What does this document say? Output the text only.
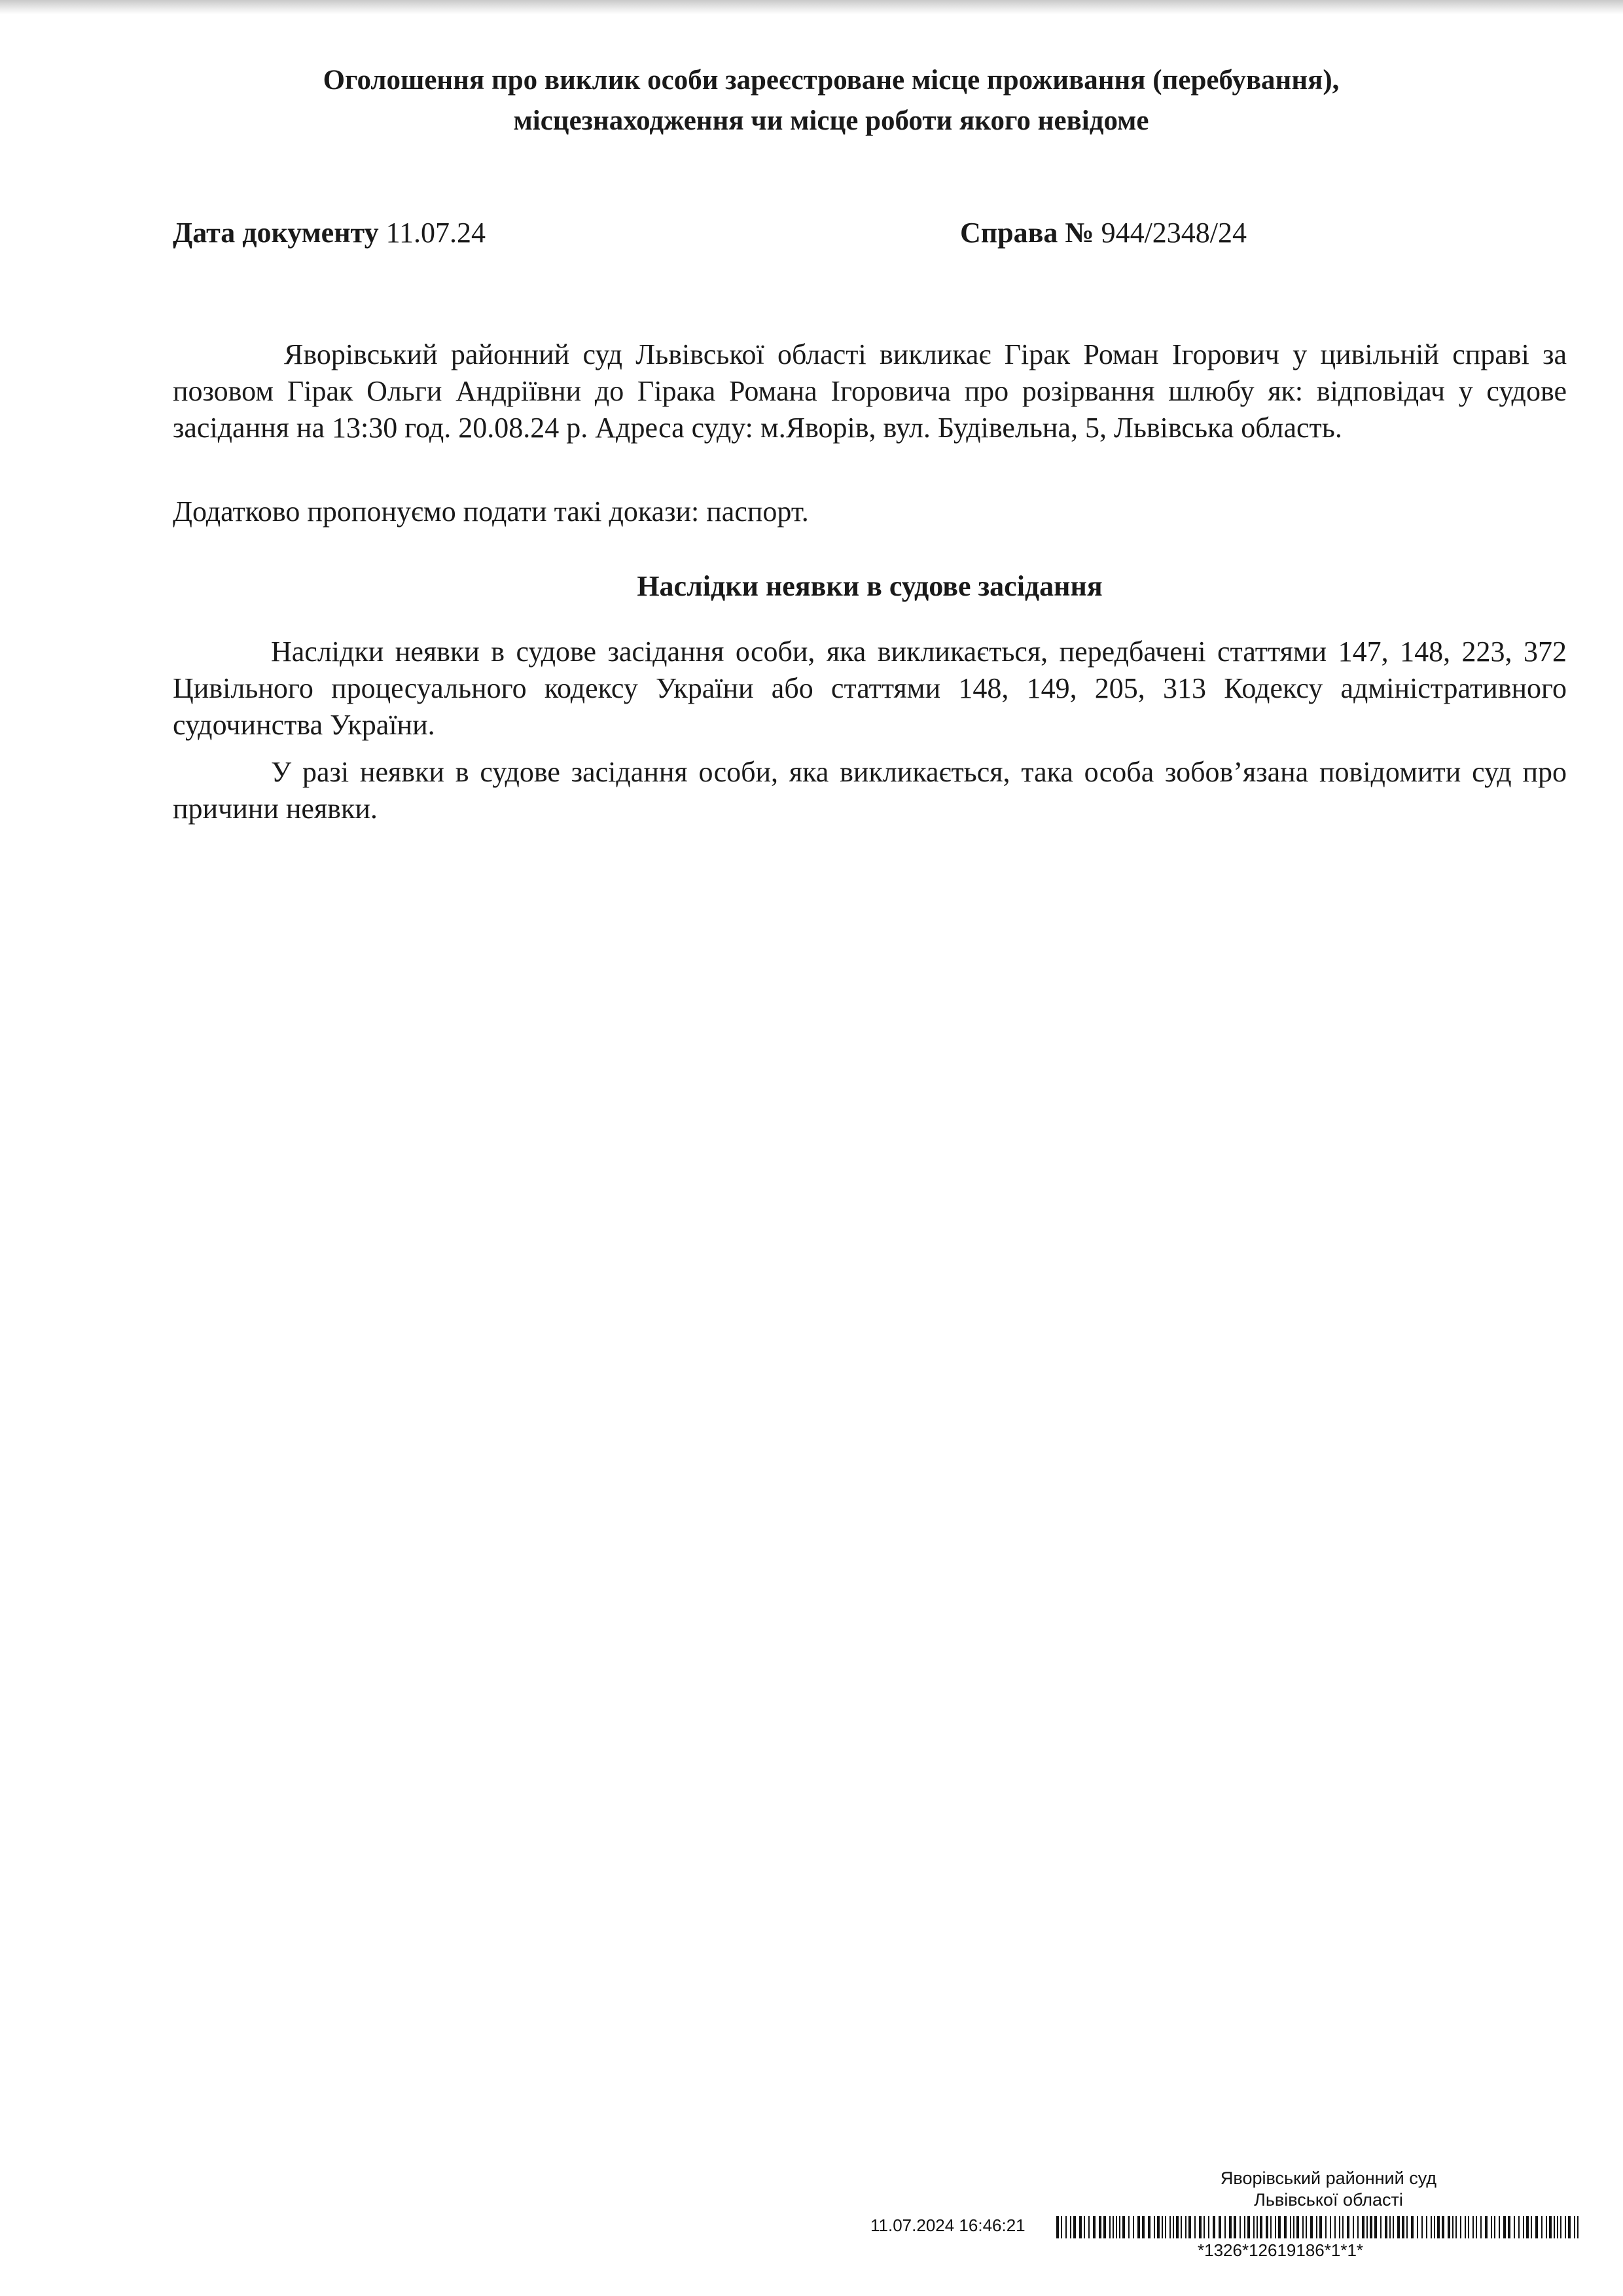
Оголошення про виклик особи зареєстроване місце проживання (перебування),
місцезнаходження чи місце роботи якого невідоме
Дата документу 11.07.24	Справа № 944/2348/24
Яворівський районний суд Львівської області викликає Гірак Роман Ігорович у цивільній справі за позовом Гірак Ольги Андріївни до Гірака Романа Ігоровича про розірвання шлюбу як: відповідач у судове засідання на 13:30 год. 20.08.24 р. Адреса суду: м.Яворів, вул. Будівельна, 5, Львівська область.
Додатково пропонуємо подати такі докази: паспорт.
Наслідки неявки в судове засідання
Наслідки неявки в судове засідання особи, яка викликається, передбачені статтями 147, 148, 223, 372 Цивільного процесуального кодексу України або статтями 148, 149, 205, 313 Кодексу адміністративного судочинства України.
У разі неявки в судове засідання особи, яка викликається, така особа зобов’язана повідомити суд про причини неявки.
Яворівський районний суд
Львівської області
11.07.2024 16:46:21
*1326*12619186*1*1*
